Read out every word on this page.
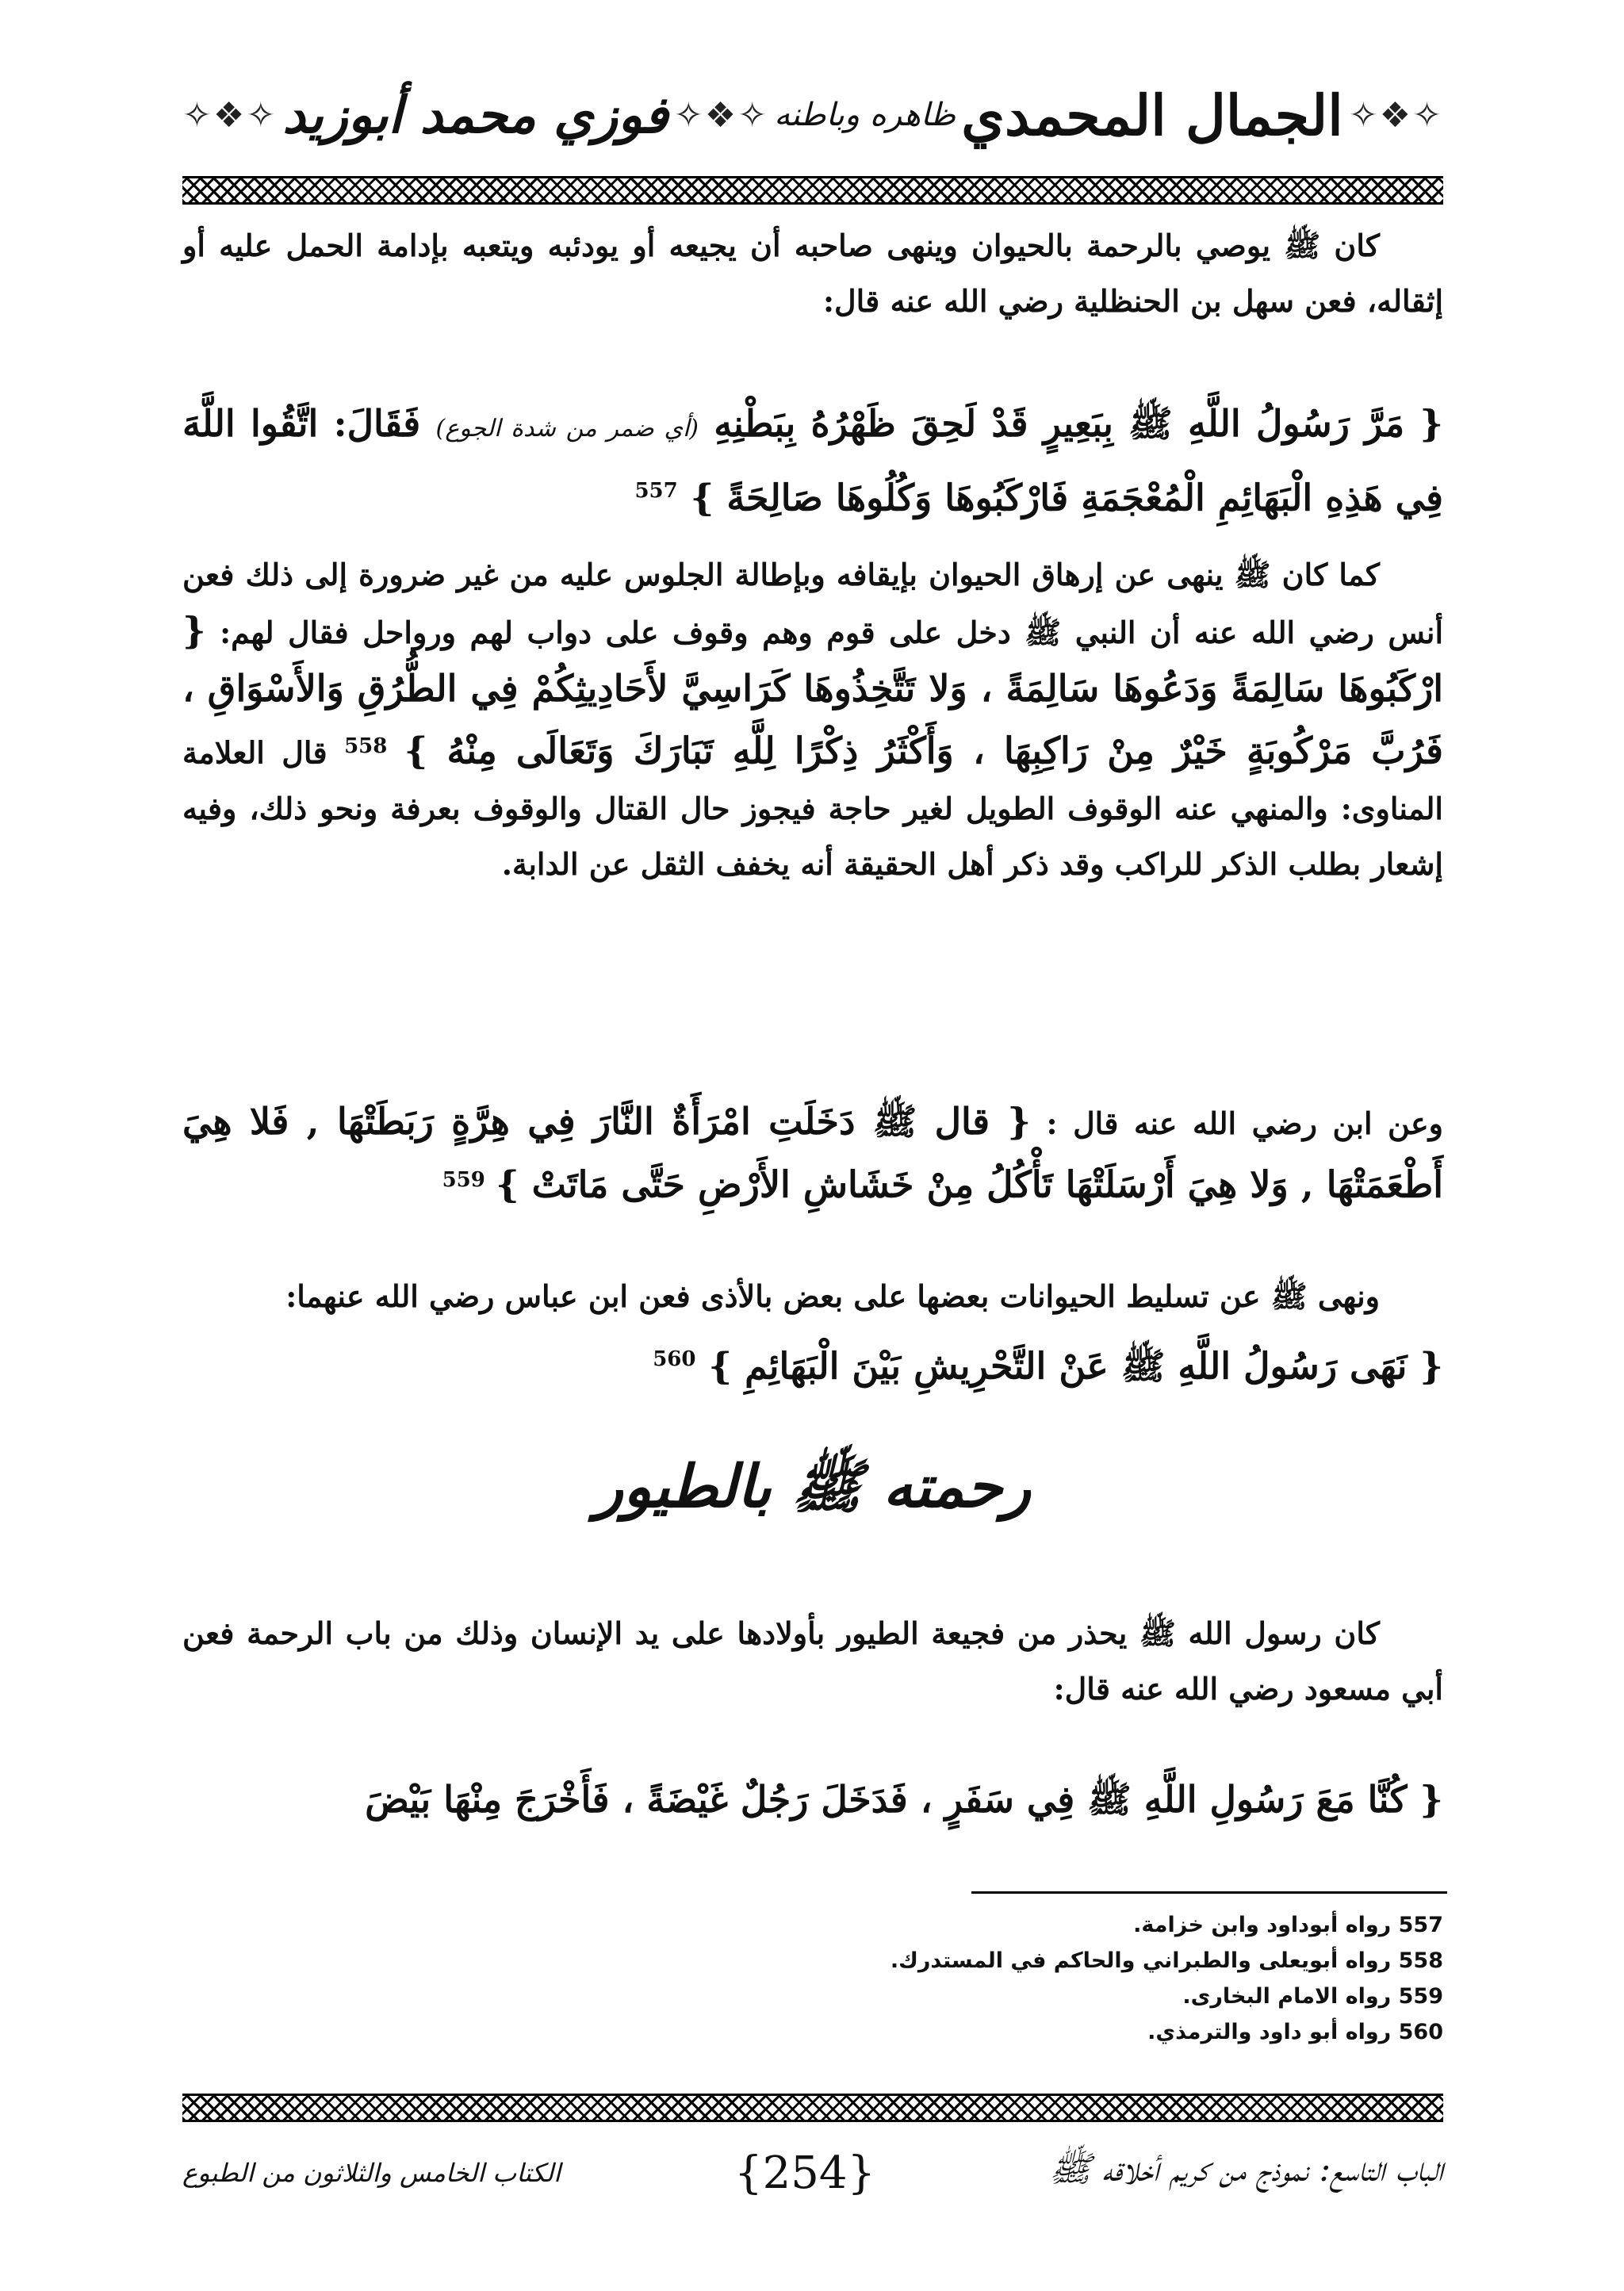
✧❖✧
الجمال المحمدي
ظاهره وباطنه
✧❖✧
فوزي محمد أبوزيد
✧❖✧
كان ﷺ يوصي بالرحمة بالحيوان وينهى صاحبه أن يجيعه أو يودئبه ويتعبه بإدامة الحمل عليه أو إثقاله، فعن سهل بن الحنظلية رضي الله عنه قال:
{ مَرَّ رَسُولُ اللَّهِ ﷺ بِبَعِيرٍ قَدْ لَحِقَ ظَهْرُهُ بِبَطْنِهِ (أي ضمر من شدة الجوع) فَقَالَ: اتَّقُوا اللَّهَ فِي هَذِهِ الْبَهَائِمِ الْمُعْجَمَةِ فَارْكَبُوهَا وَكُلُوهَا صَالِحَةً } $^{557}$
كما كان ﷺ ينهى عن إرهاق الحيوان بإيقافه وبإطالة الجلوس عليه من غير ضرورة إلى ذلك فعن أنس رضي الله عنه أن النبي ﷺ دخل على قوم وهم وقوف على دواب لهم ورواحل فقال لهم: { ارْكَبُوهَا سَالِمَةً وَدَعُوهَا سَالِمَةً ، وَلا تَتَّخِذُوهَا كَرَاسِيَّ لأَحَادِيثِكُمْ فِي الطُّرُقِ وَالأَسْوَاقِ ، فَرُبَّ مَرْكُوبَةٍ خَيْرٌ مِنْ رَاكِبِهَا ، وَأَكْثَرُ ذِكْرًا لِلَّهِ تَبَارَكَ وَتَعَالَى مِنْهُ } $^{558}$ قال العلامة المناوى: والمنهي عنه الوقوف الطويل لغير حاجة فيجوز حال القتال والوقوف بعرفة ونحو ذلك، وفيه إشعار بطلب الذكر للراكب وقد ذكر أهل الحقيقة أنه يخفف الثقل عن الدابة.
وعن ابن رضي الله عنه قال : { قال ﷺ دَخَلَتِ امْرَأَةٌ النَّارَ فِي هِرَّةٍ رَبَطَتْهَا , فَلا هِيَ أَطْعَمَتْهَا , وَلا هِيَ أَرْسَلَتْهَا تَأْكُلُ مِنْ خَشَاشِ الأَرْضِ حَتَّى مَاتَتْ } $^{559}$
ونهى ﷺ عن تسليط الحيوانات بعضها على بعض بالأذى فعن ابن عباس رضي الله عنهما:
{ نَهَى رَسُولُ اللَّهِ ﷺ عَنْ التَّحْرِيشِ بَيْنَ الْبَهَائِمِ } $^{560}$
رحمته ﷺ بالطيور
كان رسول الله ﷺ يحذر من فجيعة الطيور بأولادها على يد الإنسان وذلك من باب الرحمة فعن أبي مسعود رضي الله عنه قال:
{ كُنَّا مَعَ رَسُولِ اللَّهِ ﷺ فِي سَفَرٍ ، فَدَخَلَ رَجُلٌ غَيْضَةً ، فَأَخْرَجَ مِنْهَا بَيْضَ
557 رواه أبوداود وابن خزامة.
558 رواه أبويعلى والطبراني والحاكم في المستدرك.
559 رواه الامام البخارى.
560 رواه أبو داود والترمذي.
الباب التاسع: نموذج من كريم أخلاقه ﷺ
{254}
الكتاب الخامس والثلاثون من الطبوع
